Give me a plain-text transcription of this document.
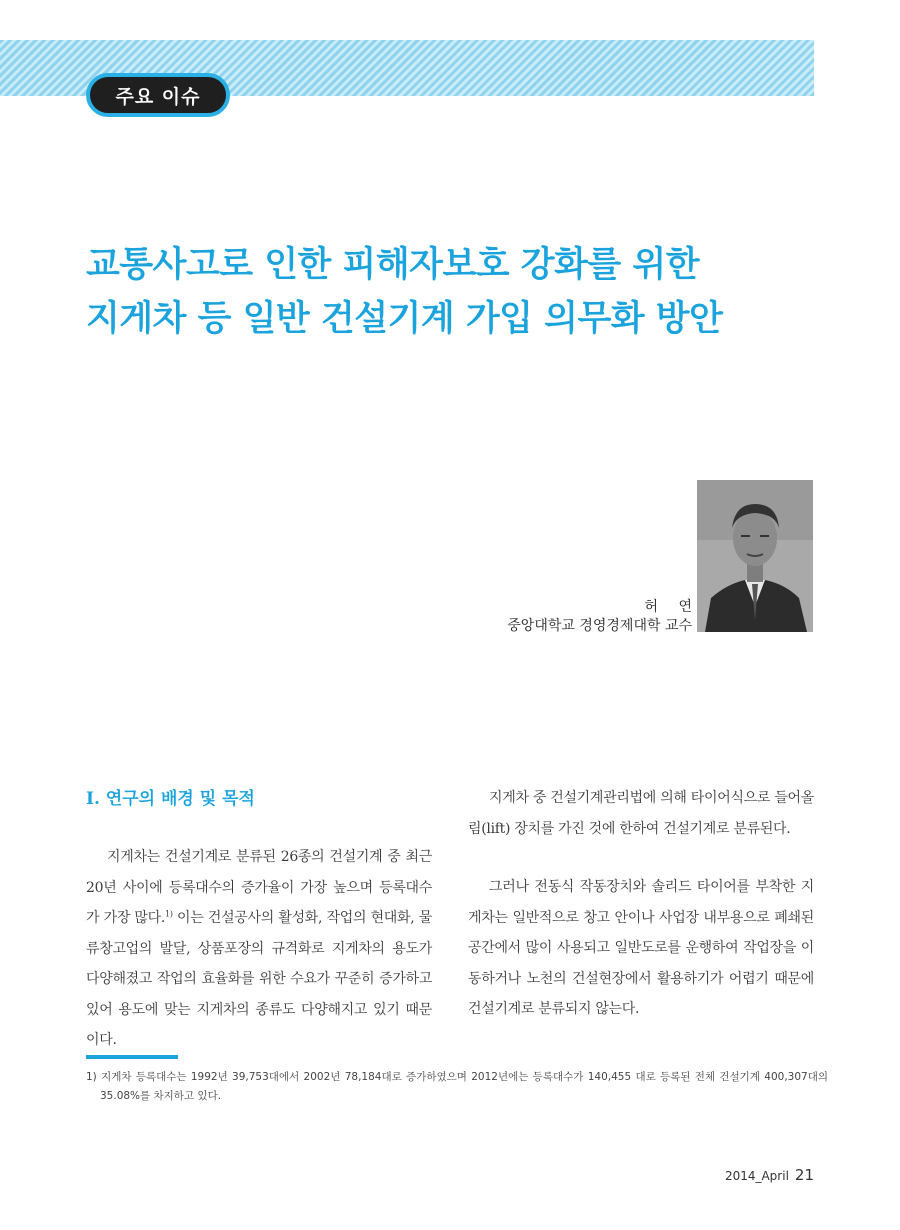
주요 이슈
교통사고로 인한 피해자보호 강화를 위한
지게차 등 일반 건설기계 가입 의무화 방안
허 연
중앙대학교 경영경제대학 교수
Ⅰ. 연구의 배경 및 목적

지게차는 건설기계로 분류된 26종의 건설기계 중 최근 20년 사이에 등록대수의 증가율이 가장 높으며 등록대수가 가장 많다.$^{1)}$ 이는 건설공사의 활성화, 작업의 현대화, 물류창고업의 발달, 상품포장의 규격화로 지게차의 용도가 다양해졌고 작업의 효율화를 위한 수요가 꾸준히 증가하고 있어 용도에 맞는 지게차의 종류도 다양해지고 있기 때문이다.

지게차 중 건설기계관리법에 의해 타이어식으로 들어올림(lift) 장치를 가진 것에 한하여 건설기계로 분류된다.

그러나 전동식 작동장치와 솔리드 타이어를 부착한 지게차는 일반적으로 창고 안이나 사업장 내부용으로 폐쇄된 공간에서 많이 사용되고 일반도로를 운행하여 작업장을 이동하거나 노천의 건설현장에서 활용하기가 어렵기 때문에 건설기계로 분류되지 않는다.

1) 지게차 등록대수는 1992년 39,753대에서 2002년 78,184대로 증가하였으며 2012년에는 등록대수가 140,455 대로 등록된 전체 건설기계 400,307대의 35.08%를 차지하고 있다.

2014_April 21
